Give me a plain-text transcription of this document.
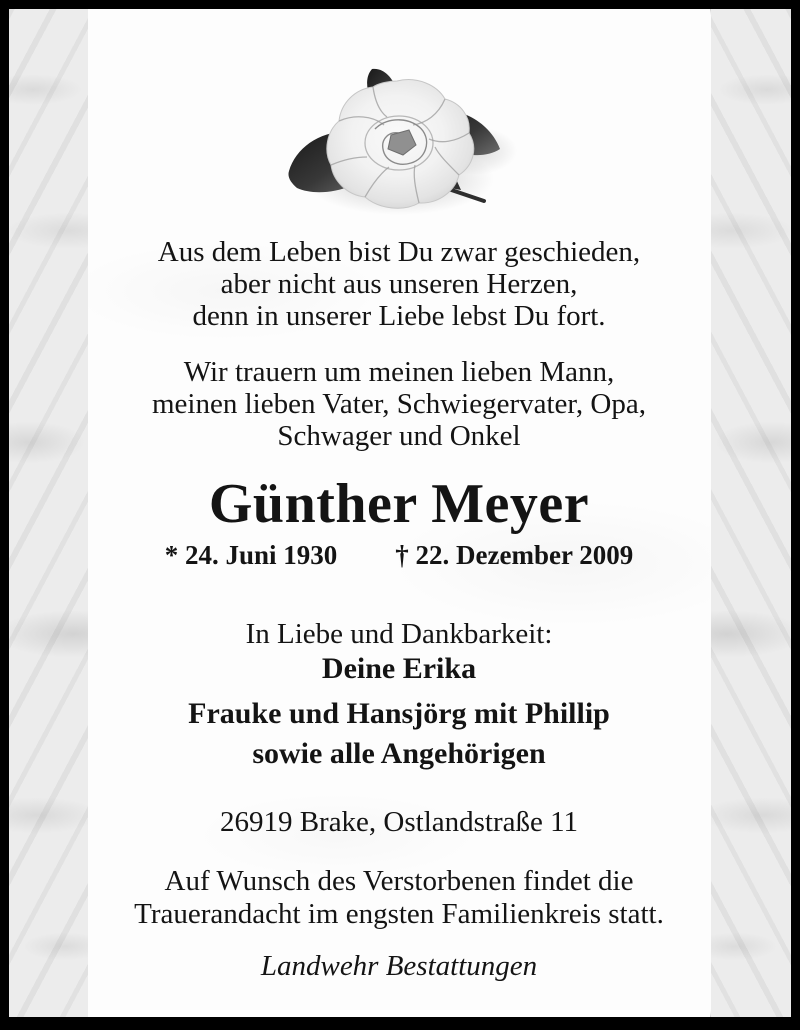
Aus dem Leben bist Du zwar geschieden,
aber nicht aus unseren Herzen,
denn in unserer Liebe lebst Du fort.
Wir trauern um meinen lieben Mann,
meinen lieben Vater, Schwiegervater, Opa,
Schwager und Onkel
Günther Meyer
* 24. Juni 1930 † 22. Dezember 2009
In Liebe und Dankbarkeit:
Deine Erika
Frauke und Hansjörg mit Phillip
sowie alle Angehörigen
26919 Brake, Ostlandstraße 11
Auf Wunsch des Verstorbenen findet die
Trauerandacht im engsten Familienkreis statt.
Landwehr Bestattungen
